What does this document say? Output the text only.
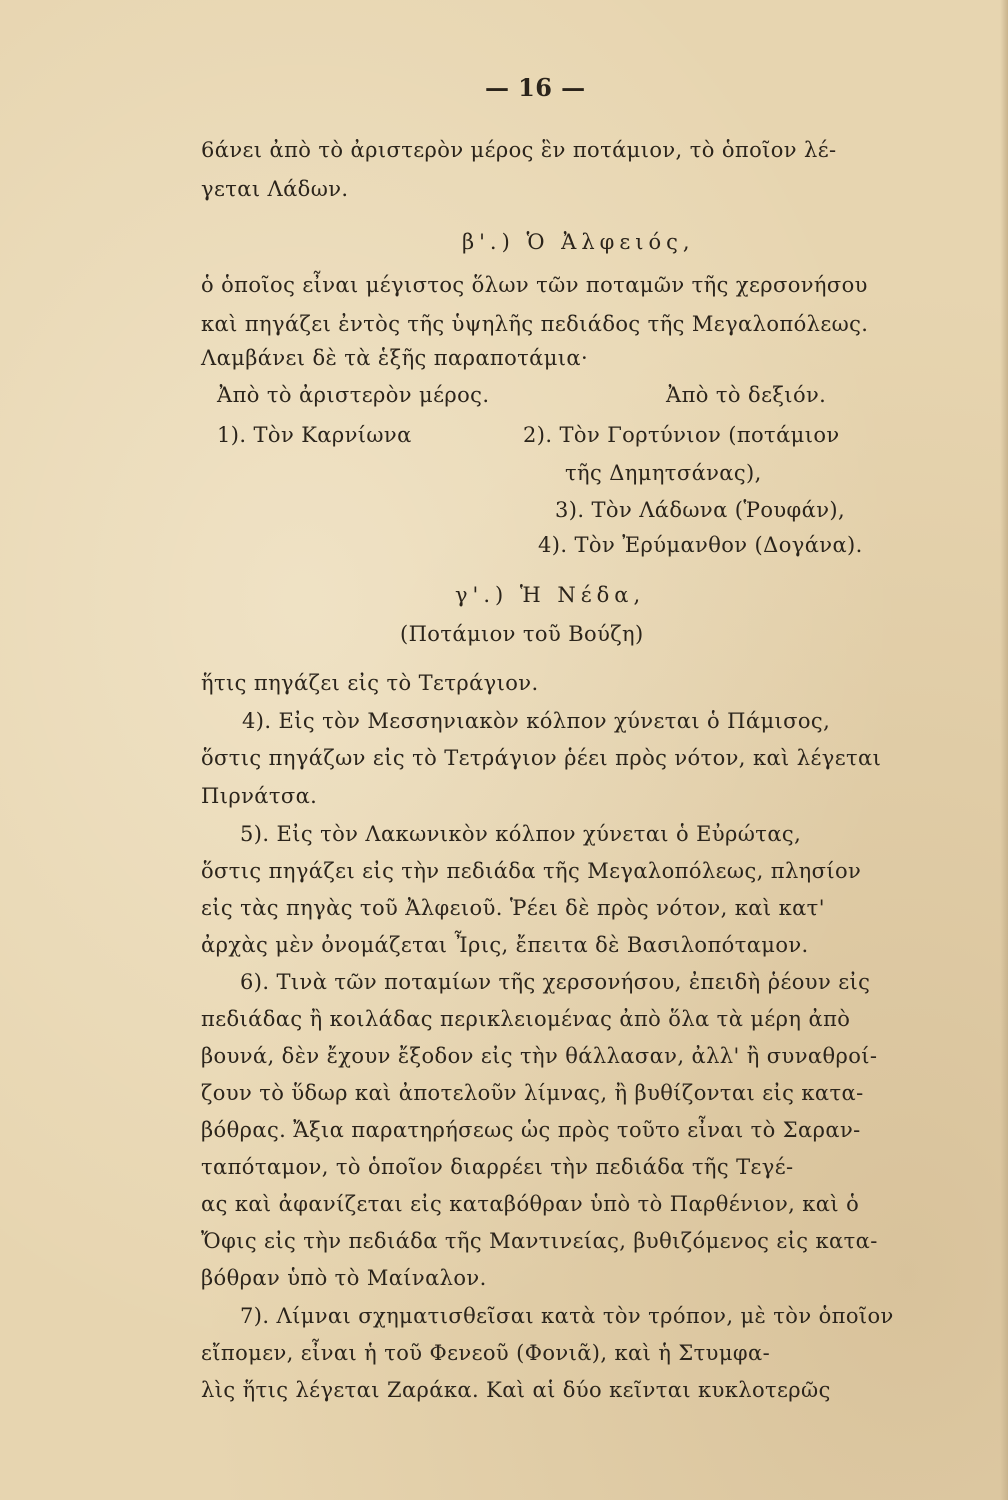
— 16 —
6άνει ἀπὸ τὸ ἀριστερὸν μέρος ἓν ποτάμιον, τὸ ὁποῖον λέ-
γεται Λάδων.
β'.) Ὁ Ἀλφειός,
ὁ ὁποῖος εἶναι μέγιστος ὅλων τῶν ποταμῶν τῆς χερσονήσου
καὶ πηγάζει ἐντὸς τῆς ὑψηλῆς πεδιάδος τῆς Μεγαλοπόλεως.
Λαμβάνει δὲ τὰ ἑξῆς παραποτάμια·
Ἀπὸ τὸ ἀριστερὸν μέρος.	Ἀπὸ τὸ δεξιόν.
1). Τὸν Καρνίωνα	2). Τὸν Γορτύνιον (ποτάμιον
τῆς Δημητσάνας),
3). Τὸν Λάδωνα (Ῥουφάν),
4). Τὸν Ἐρύμανθον (Δογάνα).
γ'.) Ἡ Νέδα,
(Ποτάμιον τοῦ Βούζη)
ἥτις πηγάζει εἰς τὸ Τετράγιον.
4). Εἰς τὸν Μεσσηνιακὸν κόλπον χύνεται ὁ Πάμισος,
ὅστις πηγάζων εἰς τὸ Τετράγιον ῥέει πρὸς νότον, καὶ λέγεται
Πιρνάτσα.
5). Εἰς τὸν Λακωνικὸν κόλπον χύνεται ὁ Εὐρώτας,
ὅστις πηγάζει εἰς τὴν πεδιάδα τῆς Μεγαλοπόλεως, πλησίον
εἰς τὰς πηγὰς τοῦ Ἀλφειοῦ. Ῥέει δὲ πρὸς νότον, καὶ κατ'
ἀρχὰς μὲν ὀνομάζεται Ἶρις, ἔπειτα δὲ Βασιλοπόταμον.
6). Τινὰ τῶν ποταμίων τῆς χερσονήσου, ἐπειδὴ ῥέουν εἰς
πεδιάδας ἢ κοιλάδας περικλειομένας ἀπὸ ὅλα τὰ μέρη ἀπὸ
βουνά, δὲν ἔχουν ἔξοδον εἰς τὴν θάλλασαν, ἀλλ' ἢ συναθροί-
ζουν τὸ ὕδωρ καὶ ἀποτελοῦν λίμνας, ἢ βυθίζονται εἰς κατα-
βόθρας. Ἄξια παρατηρήσεως ὡς πρὸς τοῦτο εἶναι τὸ Σαραν-
ταπόταμον, τὸ ὁποῖον διαρρέει τὴν πεδιάδα τῆς Τεγέ-
ας καὶ ἀφανίζεται εἰς καταβόθραν ὑπὸ τὸ Παρθένιον, καὶ ὁ
Ὄφις εἰς τὴν πεδιάδα τῆς Μαντινείας, βυθιζόμενος εἰς κατα-
βόθραν ὑπὸ τὸ Μαίναλον.
7). Λίμναι σχηματισθεῖσαι κατὰ τὸν τρόπον, μὲ τὸν ὁποῖον
εἴπομεν, εἶναι ἡ τοῦ Φενεοῦ (Φονιᾶ), καὶ ἡ Στυμφα-
λὶς ἥτις λέγεται Ζαράκα. Καὶ αἱ δύο κεῖνται κυκλοτερῶς
